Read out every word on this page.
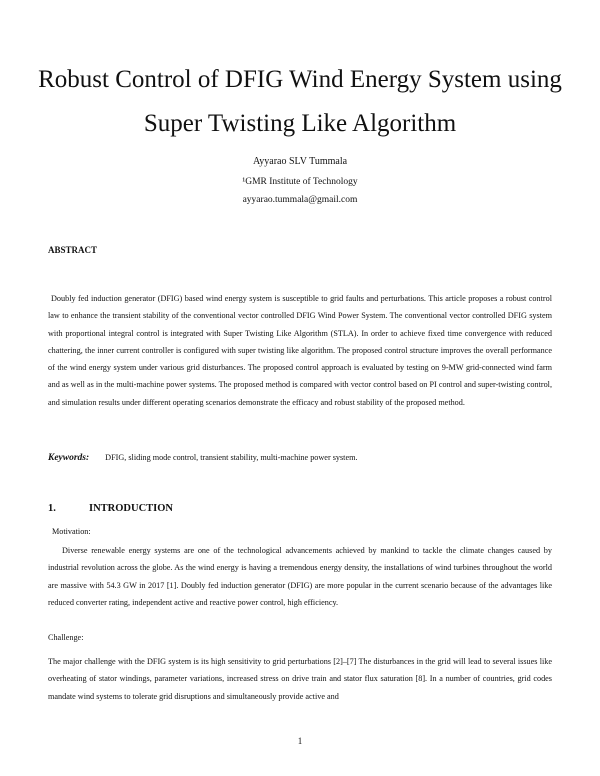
Robust Control of DFIG Wind Energy System using
Super Twisting Like Algorithm
Ayyarao SLV Tummala
¹GMR Institute of Technology
ayyarao.tummala@gmail.com
ABSTRACT
Doubly fed induction generator (DFIG) based wind energy system is susceptible to grid faults and perturbations. This article proposes a robust control law to enhance the transient stability of the conventional vector controlled DFIG Wind Power System. The conventional vector controlled DFIG system with proportional integral control is integrated with Super Twisting Like Algorithm (STLA). In order to achieve fixed time convergence with reduced chattering, the inner current controller is configured with super twisting like algorithm. The proposed control structure improves the overall performance of the wind energy system under various grid disturbances. The proposed control approach is evaluated by testing on 9-MW grid-connected wind farm and as well as in the multi-machine power systems. The proposed method is compared with vector control based on PI control and super-twisting control, and simulation results under different operating scenarios demonstrate the efficacy and robust stability of the proposed method.
Keywords: DFIG, sliding mode control, transient stability, multi-machine power system.
1.	INTRODUCTION
Motivation:
Diverse renewable energy systems are one of the technological advancements achieved by mankind to tackle the climate changes caused by industrial revolution across the globe. As the wind energy is having a tremendous energy density, the installations of wind turbines throughout the world are massive with 54.3 GW in 2017 [1]. Doubly fed induction generator (DFIG) are more popular in the current scenario because of the advantages like reduced converter rating, independent active and reactive power control, high efficiency.
Challenge:
The major challenge with the DFIG system is its high sensitivity to grid perturbations [2]–[7] The disturbances in the grid will lead to several issues like overheating of stator windings, parameter variations, increased stress on drive train and stator flux saturation [8]. In a number of countries, grid codes mandate wind systems to tolerate grid disruptions and simultaneously provide active and
1
